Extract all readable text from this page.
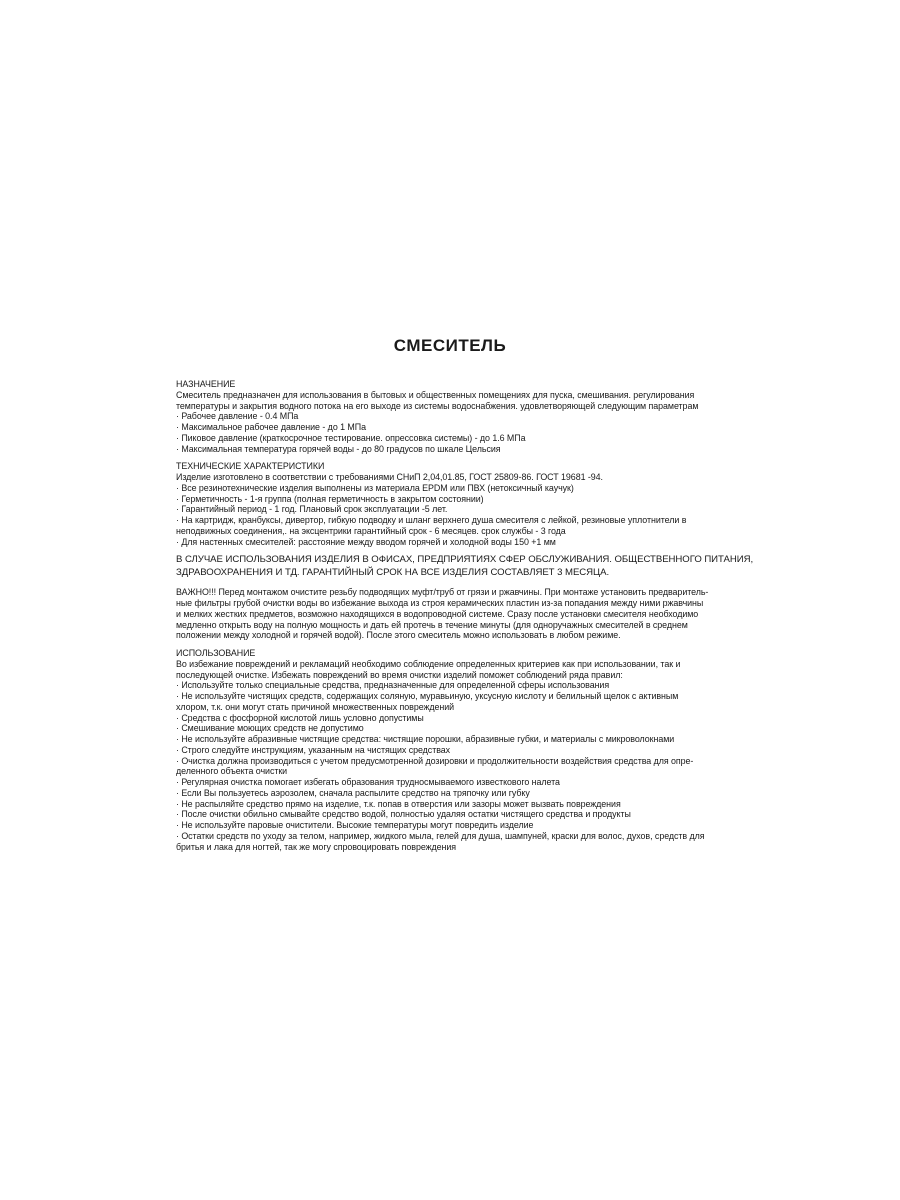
СМЕСИТЕЛЬ

НАЗНАЧЕНИЕ

Смеситель предназначен для использования в бытовых и общественных помещениях для пуска, смешивания. регулирования

температуры и закрытия водного потока на его выходе из системы водоснабжения. удовлетворяющей следующим параметрам

· Рабочее давление - 0.4 МПа

· Максимальное рабочее давление - до 1 МПа

· Пиковое давление (краткосрочное тестирование. опрессовка системы) - до 1.6 МПа

· Максимальная температура горячей воды - до 80 градусов по шкале Цельсия

ТЕХНИЧЕСКИЕ ХАРАКТЕРИСТИКИ

Изделие изготовлено в соответствии с требованиями СНиП 2,04,01.85, ГОСТ 25809-86. ГОСТ 19681 -94.

· Все резинотехнические изделия выполнены из материала EPDM или ПВХ (нетоксичный каучук)

· Герметичность - 1-я группа (полная герметичность в закрытом состоянии)

· Гарантийный период - 1 год. Плановый срок эксплуатации -5 лет.

· На картридж, кранбуксы, дивертор, гибкую подводку и шланг верхнего душа смесителя с лейкой, резиновые уплотнители в

неподвижных соединения,. на эксцентрики гарантийный срок - 6 месяцев. срок службы - 3 года

· Для настенных смесителей: расстояние между вводом горячей и холодной воды 150 +1 мм

В СЛУЧАЕ ИСПОЛЬЗОВАНИЯ ИЗДЕЛИЯ В ОФИСАХ, ПРЕДПРИЯТИЯХ СФЕР ОБСЛУЖИВАНИЯ. ОБЩЕСТВЕННОГО ПИТАНИЯ,

ЗДРАВООХРАНЕНИЯ И ТД. ГАРАНТИЙНЫЙ СРОК НА ВСЕ ИЗДЕЛИЯ СОСТАВЛЯЕТ 3 МЕСЯЦА.

ВАЖНО!!! Перед монтажом очистите резьбу подводящих муфт/труб от грязи и ржавчины. При монтаже установить предваритель-

ные фильтры грубой очистки воды во избежание выхода из строя керамических пластин из-за попадания между ними ржавчины

и мелких жестких предметов, возможно находящихся в водопроводной системе. Сразу после установки смесителя необходимо

медленно открыть воду на полную мощность и дать ей протечь в течение минуты (для одноручажных смесителей в среднем

положении между холодной и горячей водой). После этого смеситель можно использовать в любом режиме.

ИСПОЛЬЗОВАНИЕ

Во избежание повреждений и рекламаций необходимо соблюдение определенных критериев как при использовании, так и

последующей очистке. Избежать повреждений во время очистки изделий поможет соблюдений ряда правил:

· Используйте только специальные средства, предназначенные для определенной сферы использования

· Не используйте чистящих средств, содержащих соляную, муравьиную, уксусную кислоту и белильный щелок с активным

хлором, т.к. они могут стать причиной множественных повреждений

· Средства с фосфорной кислотой лишь условно допустимы

· Смешивание моющих средств не допустимо

· Не используйте абразивные чистящие средства: чистящие порошки, абразивные губки, и материалы с микроволокнами

· Строго следуйте инструкциям, указанным на чистящих средствах

· Очистка должна производиться с учетом предусмотренной дозировки и продолжительности воздействия средства для опре-

деленного объекта очистки

· Регулярная очистка помогает избегать образования трудносмываемого известкового налета

· Если Вы пользуетесь аэрозолем, сначала распылите средство на тряпочку или губку

· Не распыляйте средство прямо на изделие, т.к. попав в отверстия или зазоры может вызвать повреждения

· После очистки обильно смывайте средство водой, полностью удаляя остатки чистящего средства и продукты

· Не используйте паровые очистители. Высокие температуры могут повредить изделие

· Остатки средств по уходу за телом, например, жидкого мыла, гелей для душа, шампуней, краски для волос, духов, средств для

бритья и лака для ногтей, так же могу спровоцировать повреждения
